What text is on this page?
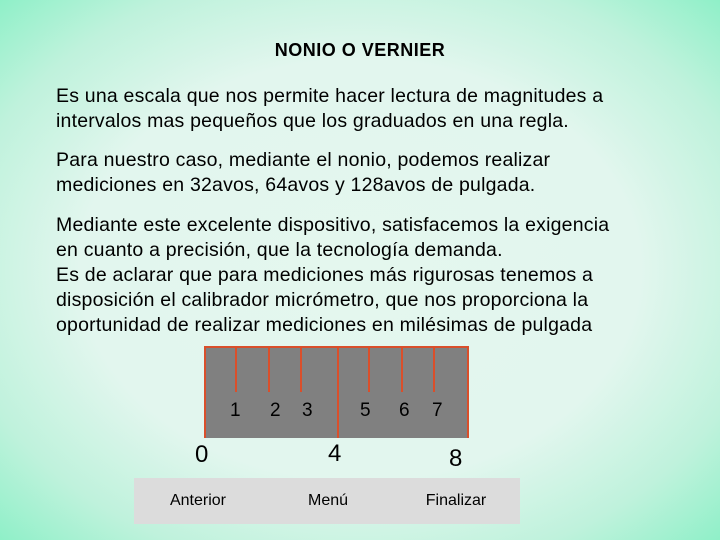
NONIO O VERNIER
Es una escala que nos permite hacer lectura de magnitudes a
intervalos mas pequeños que los graduados en una regla.
Para nuestro caso, mediante el nonio, podemos realizar
mediciones en 32avos, 64avos y 128avos de pulgada.
Mediante este excelente dispositivo, satisfacemos la exigencia
en cuanto a precisión, que la tecnología demanda.
Es de aclarar que para mediciones más rigurosas tenemos a
disposición el calibrador micrómetro, que nos proporciona la
oportunidad de realizar mediciones en milésimas de pulgada
1 2 3 5 6 7
0	4	8
Anterior	Menú	Finalizar
